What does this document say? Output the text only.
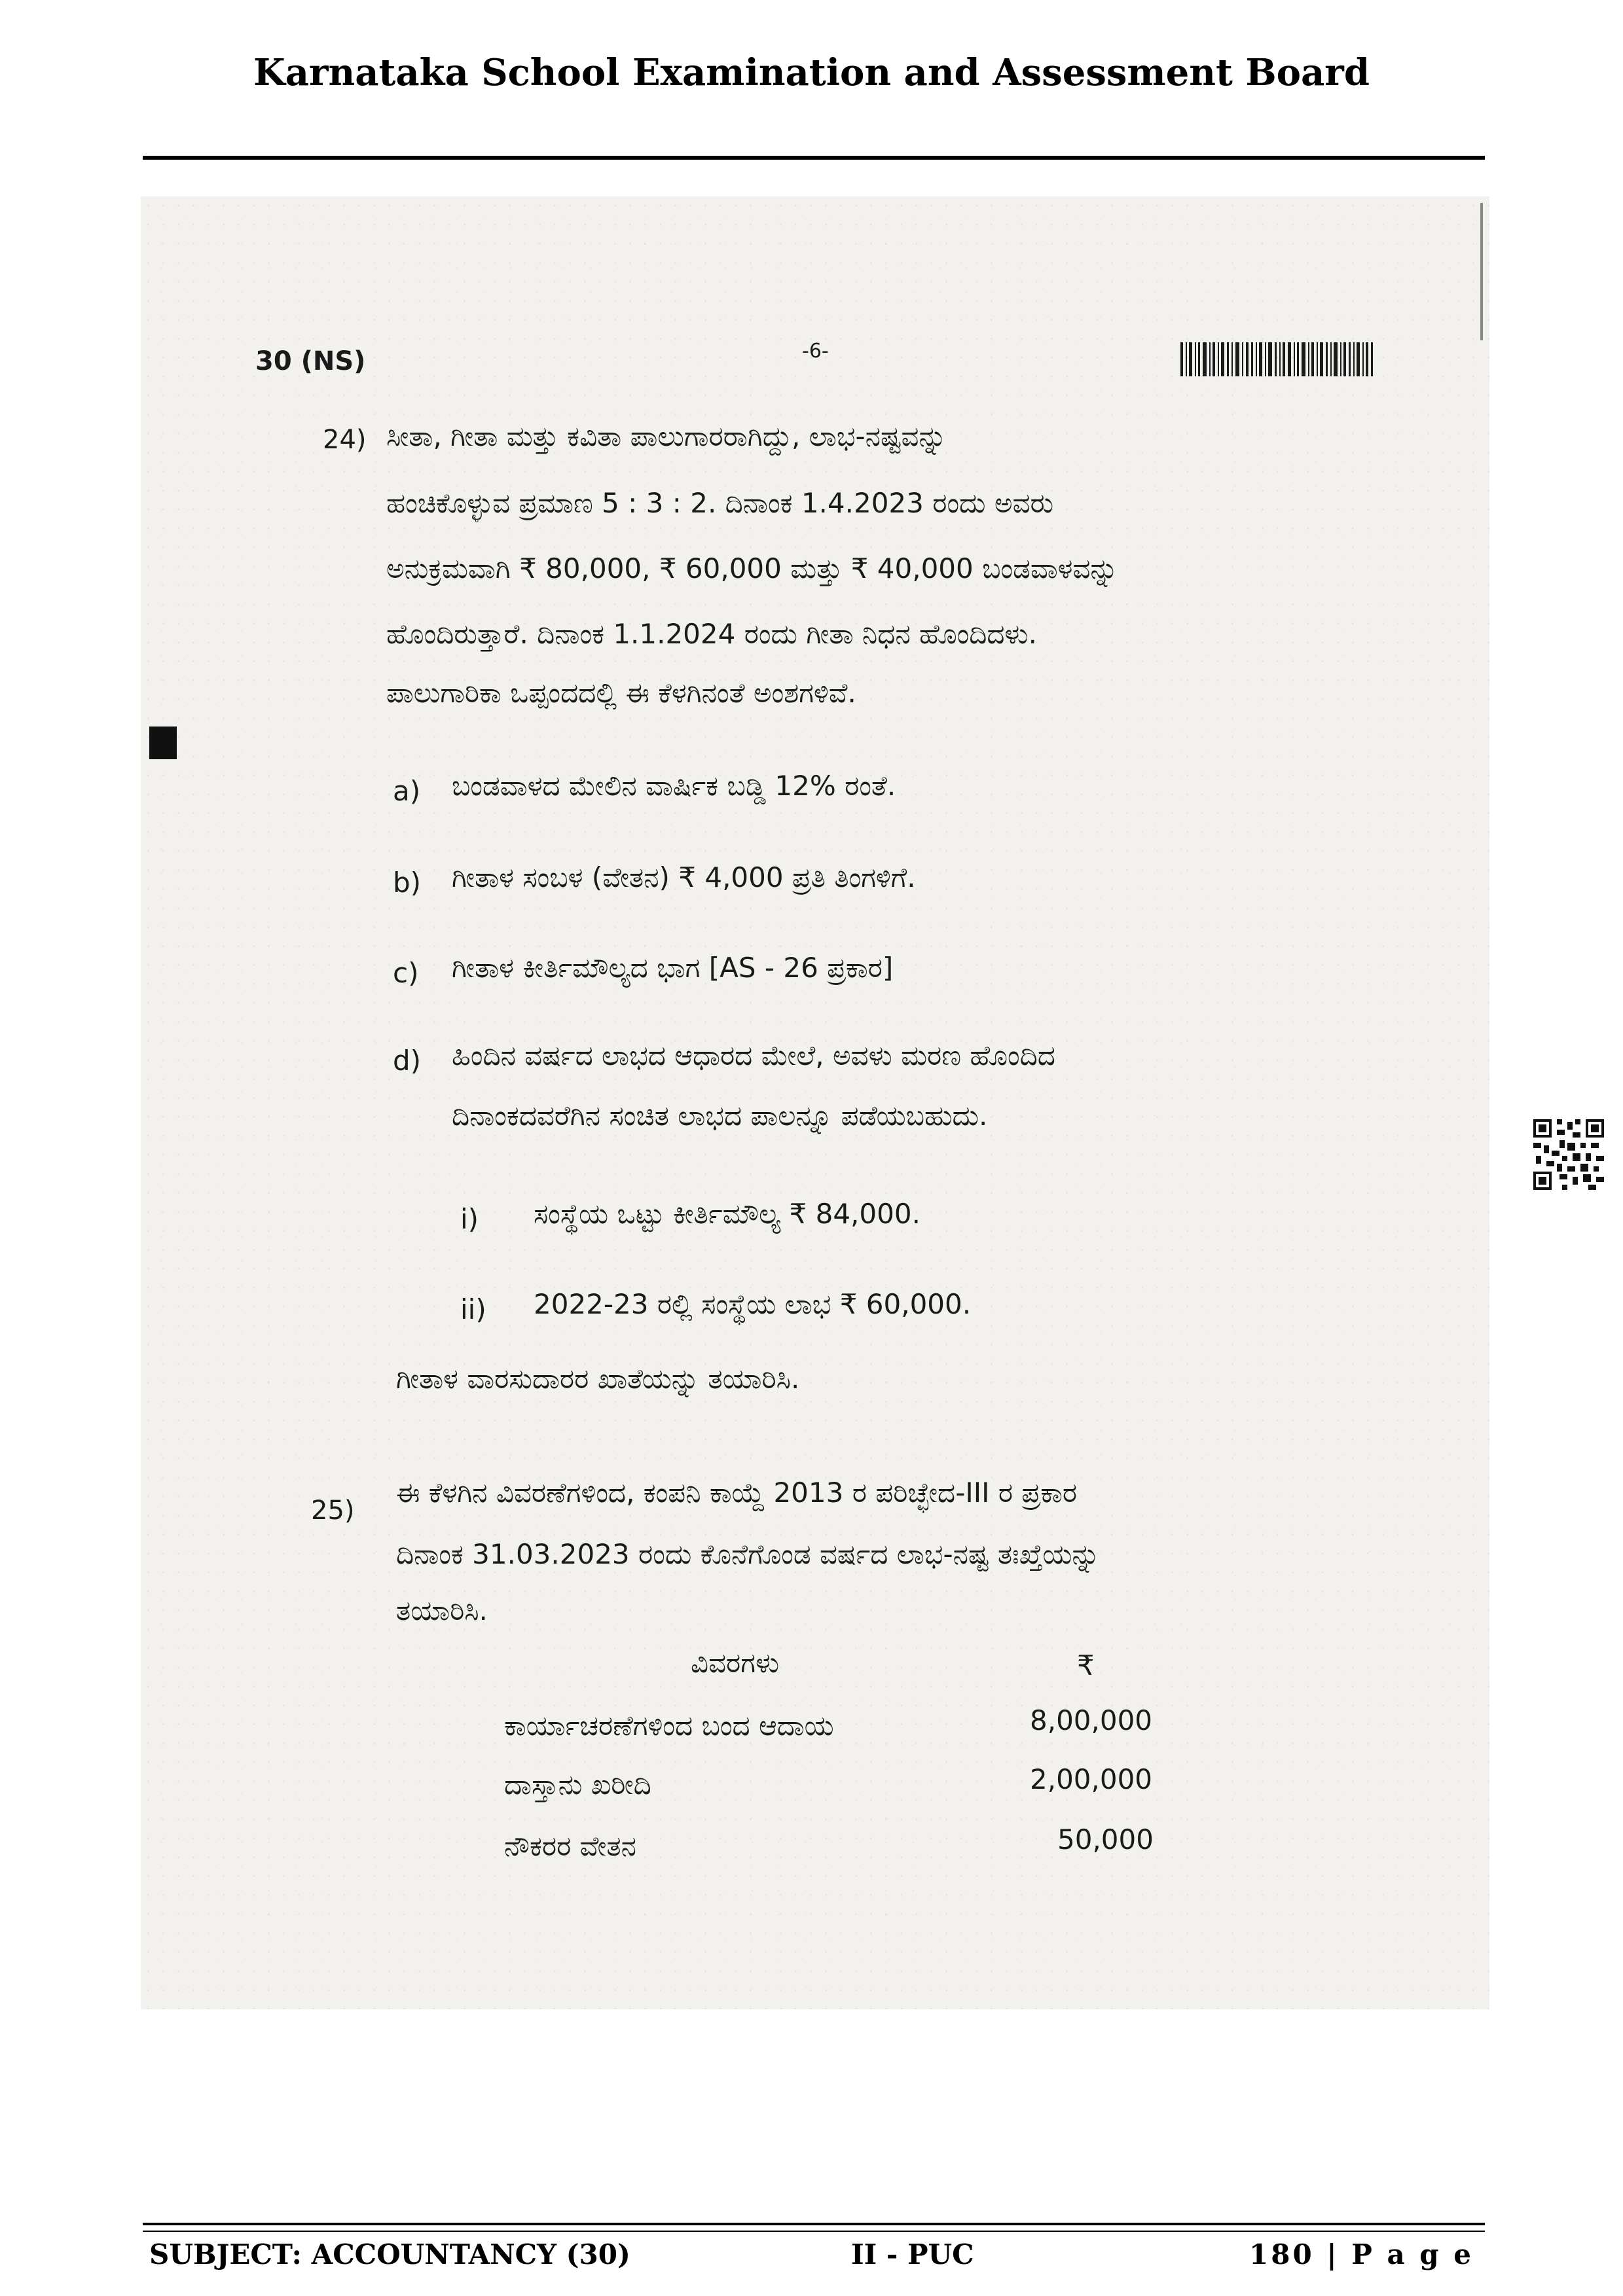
Karnataka School Examination and Assessment Board
30 (NS)	-6-
24) ಸೀತಾ, ಗೀತಾ ಮತ್ತು ಕವಿತಾ ಪಾಲುಗಾರರಾಗಿದ್ದು, ಲಾಭ-ನಷ್ಟವನ್ನು
ಹಂಚಿಕೊಳ್ಳುವ ಪ್ರಮಾಣ 5 : 3 : 2. ದಿನಾಂಕ 1.4.2023 ರಂದು ಅವರು
ಅನುಕ್ರಮವಾಗಿ ₹ 80,000, ₹ 60,000 ಮತ್ತು ₹ 40,000 ಬಂಡವಾಳವನ್ನು
ಹೊಂದಿರುತ್ತಾರೆ. ದಿನಾಂಕ 1.1.2024 ರಂದು ಗೀತಾ ನಿಧನ ಹೊಂದಿದಳು.
ಪಾಲುಗಾರಿಕಾ ಒಪ್ಪಂದದಲ್ಲಿ ಈ ಕೆಳಗಿನಂತೆ ಅಂಶಗಳಿವೆ.
a) ಬಂಡವಾಳದ ಮೇಲಿನ ವಾರ್ಷಿಕ ಬಡ್ಡಿ 12% ರಂತೆ.
b) ಗೀತಾಳ ಸಂಬಳ (ವೇತನ) ₹ 4,000 ಪ್ರತಿ ತಿಂಗಳಿಗೆ.
c) ಗೀತಾಳ ಕೀರ್ತಿಮೌಲ್ಯದ ಭಾಗ [AS - 26 ಪ್ರಕಾರ]
d) ಹಿಂದಿನ ವರ್ಷದ ಲಾಭದ ಆಧಾರದ ಮೇಲೆ, ಅವಳು ಮರಣ ಹೊಂದಿದ
ದಿನಾಂಕದವರೆಗಿನ ಸಂಚಿತ ಲಾಭದ ಪಾಲನ್ನೂ ಪಡೆಯಬಹುದು.
i) ಸಂಸ್ಥೆಯ ಒಟ್ಟು ಕೀರ್ತಿಮೌಲ್ಯ ₹ 84,000.
ii) 2022-23 ರಲ್ಲಿ ಸಂಸ್ಥೆಯ ಲಾಭ ₹ 60,000.
ಗೀತಾಳ ವಾರಸುದಾರರ ಖಾತೆಯನ್ನು ತಯಾರಿಸಿ.
25)
ಈ ಕೆಳಗಿನ ವಿವರಣೆಗಳಿಂದ, ಕಂಪನಿ ಕಾಯ್ದೆ 2013 ರ ಪರಿಚ್ಛೇದ-III ರ ಪ್ರಕಾರ
ದಿನಾಂಕ 31.03.2023 ರಂದು ಕೊನೆಗೊಂಡ ವರ್ಷದ ಲಾಭ-ನಷ್ಟ ತಃಖ್ತೆಯನ್ನು
ತಯಾರಿಸಿ.
ವಿವರಗಳು	₹
ಕಾರ್ಯಾಚರಣೆಗಳಿಂದ ಬಂದ ಆದಾಯ	8,00,000
ದಾಸ್ತಾನು ಖರೀದಿ	2,00,000
ನೌಕರರ ವೇತನ	50,000
SUBJECT: ACCOUNTANCY (30)	II - PUC	180 | P a g e
